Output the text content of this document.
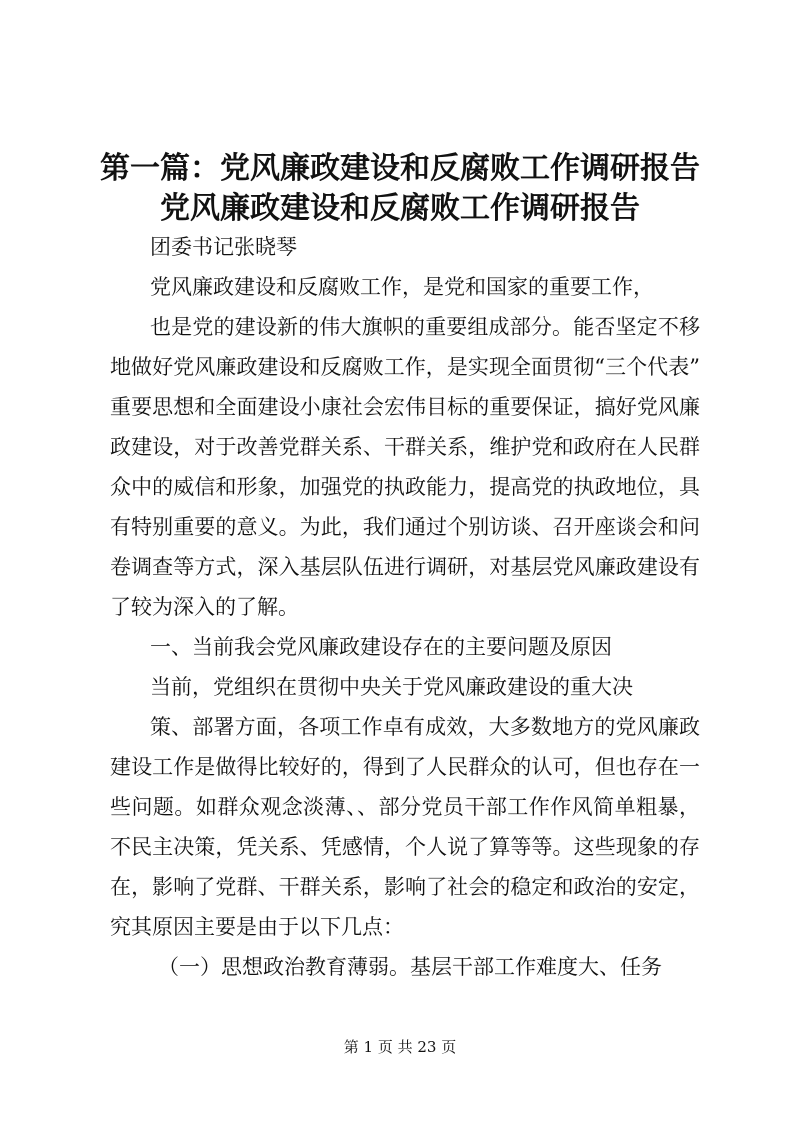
第一篇：党风廉政建设和反腐败工作调研报告
党风廉政建设和反腐败工作调研报告
团委书记张晓琴
党风廉政建设和反腐败工作，是党和国家的重要工作，
也是党的建设新的伟大旗帜的重要组成部分。能否坚定不移
地做好党风廉政建设和反腐败工作，是实现全面贯彻“三个代表”
重要思想和全面建设小康社会宏伟目标的重要保证，搞好党风廉
政建设，对于改善党群关系、干群关系，维护党和政府在人民群
众中的威信和形象，加强党的执政能力，提高党的执政地位，具
有特别重要的意义。为此，我们通过个别访谈、召开座谈会和问
卷调查等方式，深入基层队伍进行调研，对基层党风廉政建设有
了较为深入的了解。
一、当前我会党风廉政建设存在的主要问题及原因
当前，党组织在贯彻中央关于党风廉政建设的重大决
策、部署方面，各项工作卓有成效，大多数地方的党风廉政
建设工作是做得比较好的，得到了人民群众的认可，但也存在一
些问题。如群众观念淡薄、、部分党员干部工作作风简单粗暴，
不民主决策，凭关系、凭感情，个人说了算等等。这些现象的存
在，影响了党群、干群关系，影响了社会的稳定和政治的安定，
究其原因主要是由于以下几点：
（一）思想政治教育薄弱。基层干部工作难度大、任务
第 1 页 共 23 页
